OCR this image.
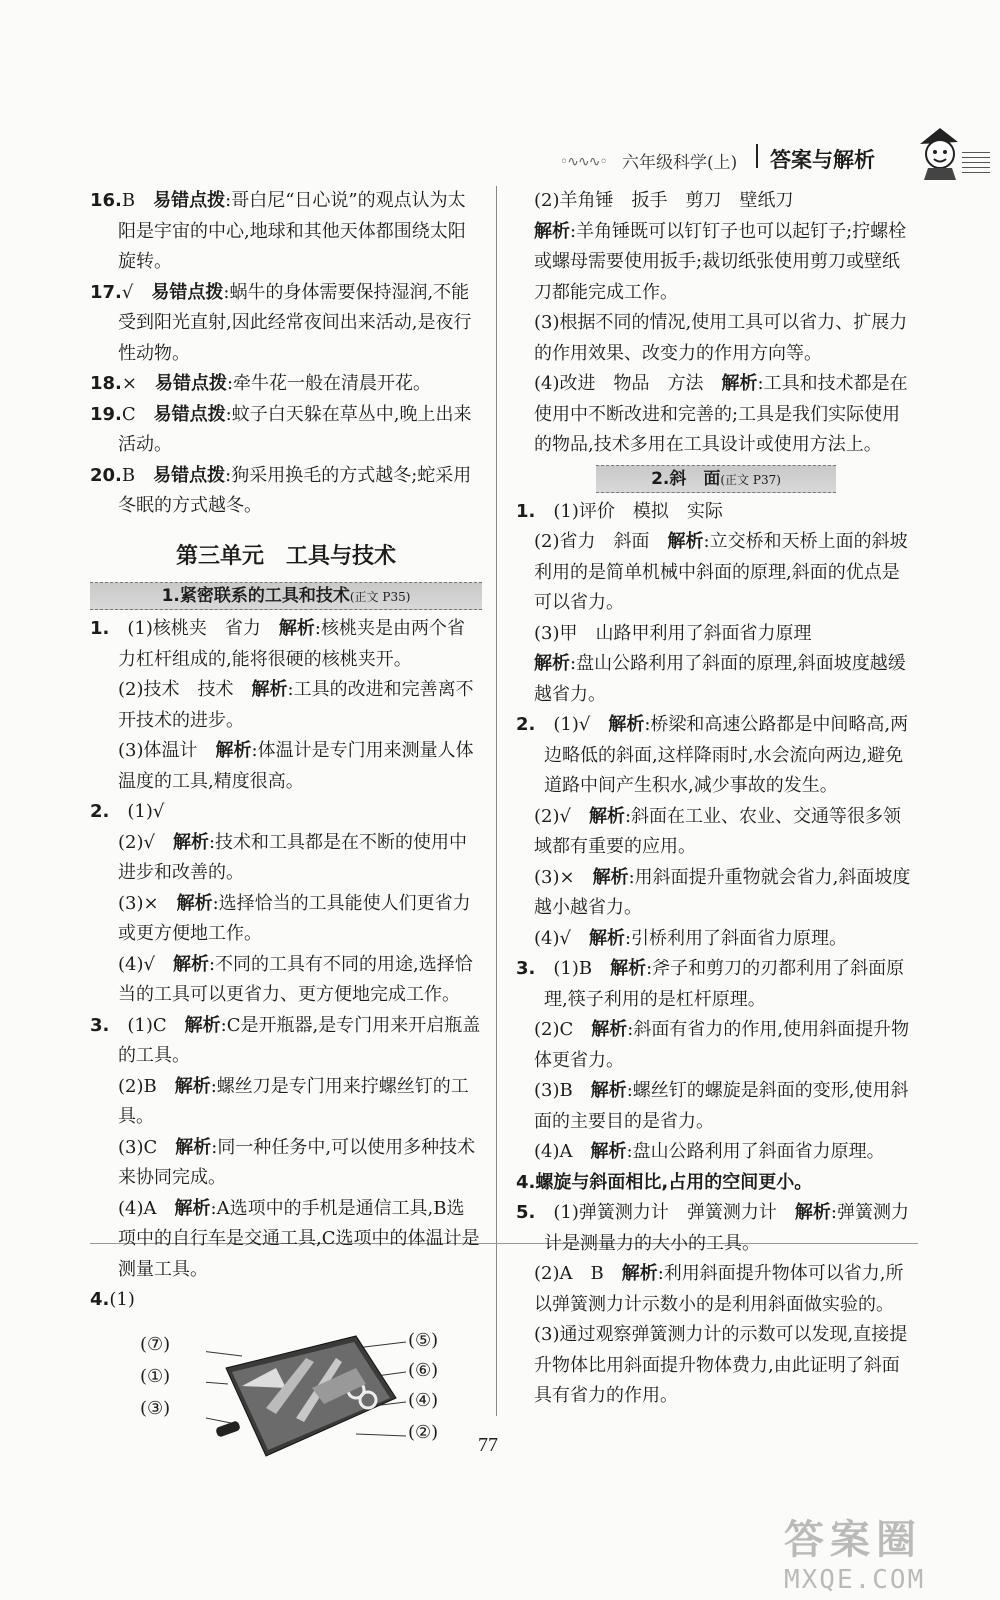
◦∿∿∿◦ 六年级科学(上) 答案与解析

16.B　 易错点拨:哥白尼“日心说”的观点认为太阳是宇宙的中心,地球和其他天体都围绕太阳旋转。

17.√　 易错点拨:蜗牛的身体需要保持湿润,不能受到阳光直射,因此经常夜间出来活动,是夜行性动物。

18.×　 易错点拨:牵牛花一般在清晨开花。

19.C　 易错点拨:蚊子白天躲在草丛中,晚上出来活动。

20.B　 易错点拨:狗采用换毛的方式越冬;蛇采用冬眠的方式越冬。

第三单元　工具与技术
1.紧密联系的工具和技术(正文 P35)

1.　 (1)核桃夹　省力　 解析:核桃夹是由两个省力杠杆组成的,能将很硬的核桃夹开。

(2)技术　技术　 解析:工具的改进和完善离不开技术的进步。

(3)体温计　 解析:体温计是专门用来测量人体温度的工具,精度很高。

2.　 (1)√

(2)√　 解析:技术和工具都是在不断的使用中进步和改善的。

(3)×　 解析:选择恰当的工具能使人们更省力或更方便地工作。

(4)√　 解析:不同的工具有不同的用途,选择恰当的工具可以更省力、更方便地完成工作。

3.　 (1)C　 解析:C是开瓶器,是专门用来开启瓶盖的工具。

(2)B　 解析:螺丝刀是专门用来拧螺丝钉的工具。

(3)C　 解析:同一种任务中,可以使用多种技术来协同完成。

(4)A　 解析:A选项中的手机是通信工具,B选项中的自行车是交通工具,C选项中的体温计是测量工具。

4.(1)

(⑦)
(①)
(③)
(⑤)
(⑥)
(④)
(②)

(2)羊角锤　扳手　剪刀　壁纸刀

解析:羊角锤既可以钉钉子也可以起钉子;拧螺栓或螺母需要使用扳手;裁切纸张使用剪刀或壁纸刀都能完成工作。

(3)根据不同的情况,使用工具可以省力、扩展力的作用效果、改变力的作用方向等。

(4)改进　物品　方法　 解析:工具和技术都是在使用中不断改进和完善的;工具是我们实际使用的物品,技术多用在工具设计或使用方法上。

2.斜　面(正文 P37)

1.　 (1)评价　模拟　实际

(2)省力　斜面　 解析:立交桥和天桥上面的斜坡利用的是简单机械中斜面的原理,斜面的优点是可以省力。

(3)甲　山路甲利用了斜面省力原理

解析:盘山公路利用了斜面的原理,斜面坡度越缓越省力。

2.　 (1)√　 解析:桥梁和高速公路都是中间略高,两边略低的斜面,这样降雨时,水会流向两边,避免道路中间产生积水,减少事故的发生。

(2)√　 解析:斜面在工业、农业、交通等很多领域都有重要的应用。

(3)×　 解析:用斜面提升重物就会省力,斜面坡度越小越省力。

(4)√　 解析:引桥利用了斜面省力原理。

3.　 (1)B　 解析:斧子和剪刀的刃都利用了斜面原理,筷子利用的是杠杆原理。

(2)C　 解析:斜面有省力的作用,使用斜面提升物体更省力。

(3)B　 解析:螺丝钉的螺旋是斜面的变形,使用斜面的主要目的是省力。

(4)A　 解析:盘山公路利用了斜面省力原理。

4.螺旋与斜面相比,占用的空间更小。

5.　 (1)弹簧测力计　弹簧测力计　 解析:弹簧测力计是测量力的大小的工具。

(2)A　B　 解析:利用斜面提升物体可以省力,所以弹簧测力计示数小的是利用斜面做实验的。

(3)通过观察弹簧测力计的示数可以发现,直接提升物体比用斜面提升物体费力,由此证明了斜面具有省力的作用。

77
答案圈
MXQE.COM
